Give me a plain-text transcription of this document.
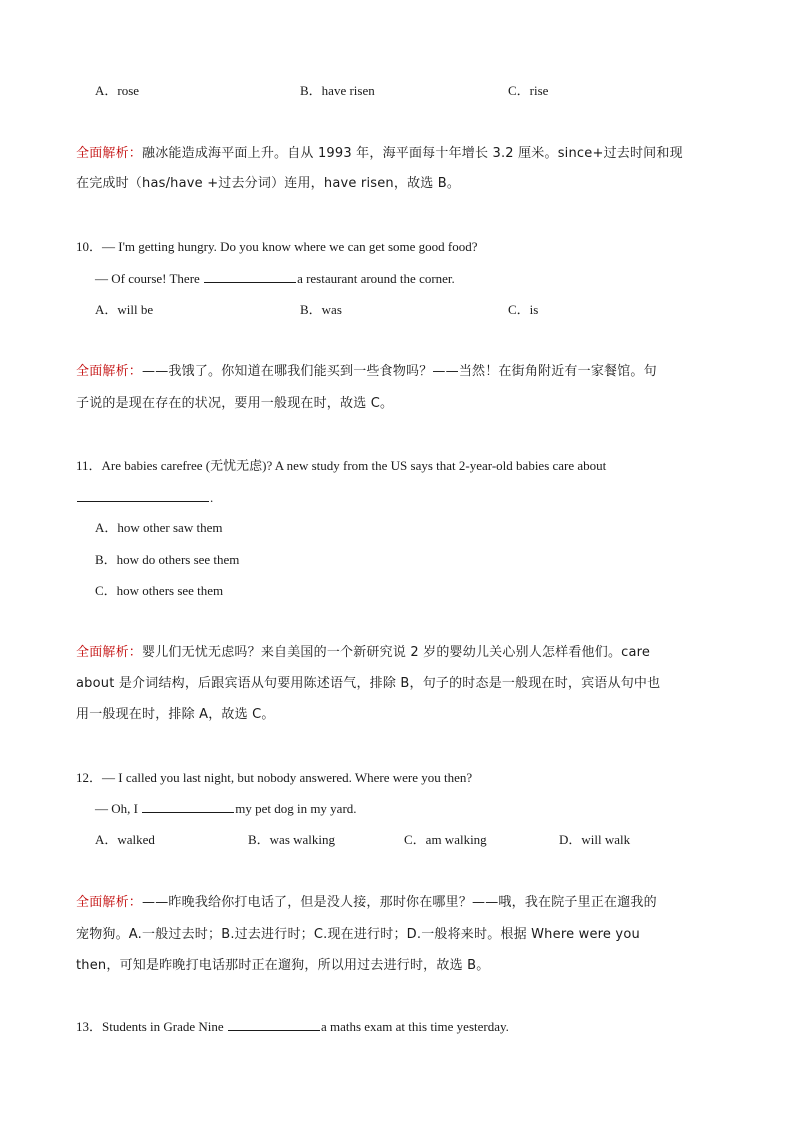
A．rose	B．have risen	C．rise
全面解析：融冰能造成海平面上升。自从 1993 年，海平面每十年增长 3.2 厘米。since+过去时间和现
在完成时（has/have +过去分词）连用，have risen，故选 B。
10．— I'm getting hungry. Do you know where we can get some good food?
— Of course! There	a restaurant around the corner.
A．will be	B．was	C．is
全面解析：——我饿了。你知道在哪我们能买到一些食物吗？——当然！在街角附近有一家餐馆。句
子说的是现在存在的状况，要用一般现在时，故选 C。
11．Are babies carefree (无忧无虑)? A new study from the US says that 2-year-old babies care about
.
A．how other saw them
B．how do others see them
C．how others see them
全面解析：婴儿们无忧无虑吗？来自美国的一个新研究说 2 岁的婴幼儿关心别人怎样看他们。care
about 是介词结构，后跟宾语从句要用陈述语气，排除 B，句子的时态是一般现在时，宾语从句中也
用一般现在时，排除 A，故选 C。
12．— I called you last night, but nobody answered. Where were you then?
— Oh, I	my pet dog in my yard.
A．walked	B．was walking	C．am walking	D．will walk
全面解析：——昨晚我给你打电话了，但是没人接，那时你在哪里？——哦，我在院子里正在遛我的
宠物狗。A.一般过去时；B.过去进行时；C.现在进行时；D.一般将来时。根据 Where were you
then，可知是昨晚打电话那时正在遛狗，所以用过去进行时，故选 B。
13．Students in Grade Nine	a maths exam at this time yesterday.
